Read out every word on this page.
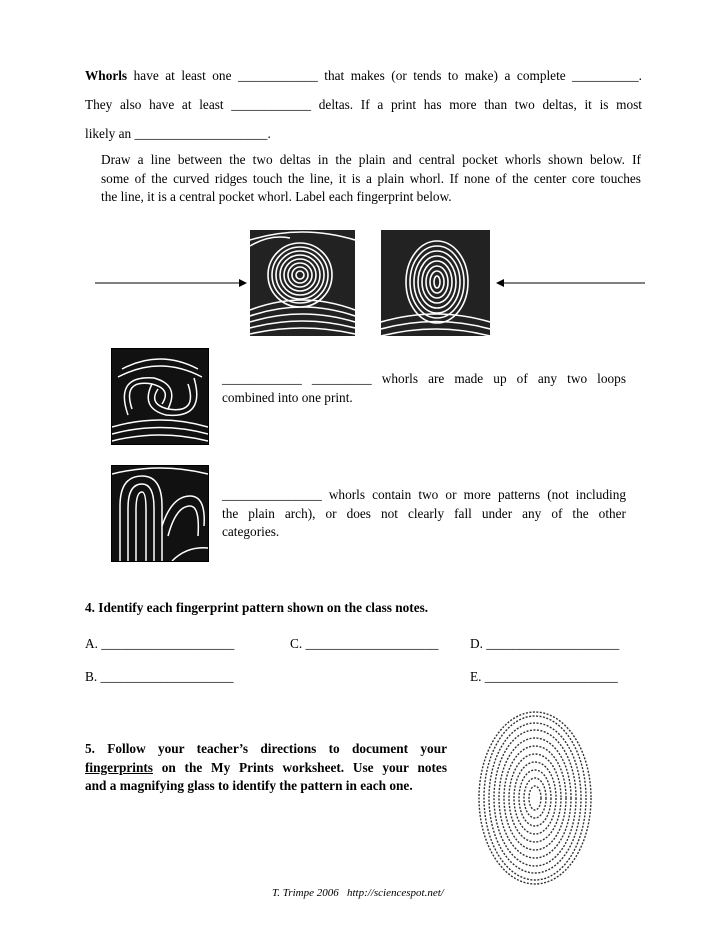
Whorls have at least one ____________ that makes (or tends to make) a complete __________.
They also have at least ____________ deltas. If a print has more than two deltas, it is most
likely an ____________________.
Draw a line between the two deltas in the plain and central pocket whorls shown below. If
some of the curved ridges touch the line, it is a plain whorl. If none of the center core touches
the line, it is a central pocket whorl. Label each fingerprint below.
____________ _________ whorls are made up of any two loops
combined into one print.
_______________ whorls contain two or more patterns (not including
the plain arch), or does not clearly fall under any of the other
categories.
4. Identify each fingerprint pattern shown on the class notes.
A. ____________________	C. ____________________ D. ____________________
B. ____________________	E. ____________________
5. Follow your teacher’s directions to document your
fingerprints on the My Prints worksheet. Use your notes
and a magnifying glass to identify the pattern in each one.
T. Trimpe 2006 http://sciencespot.net/
